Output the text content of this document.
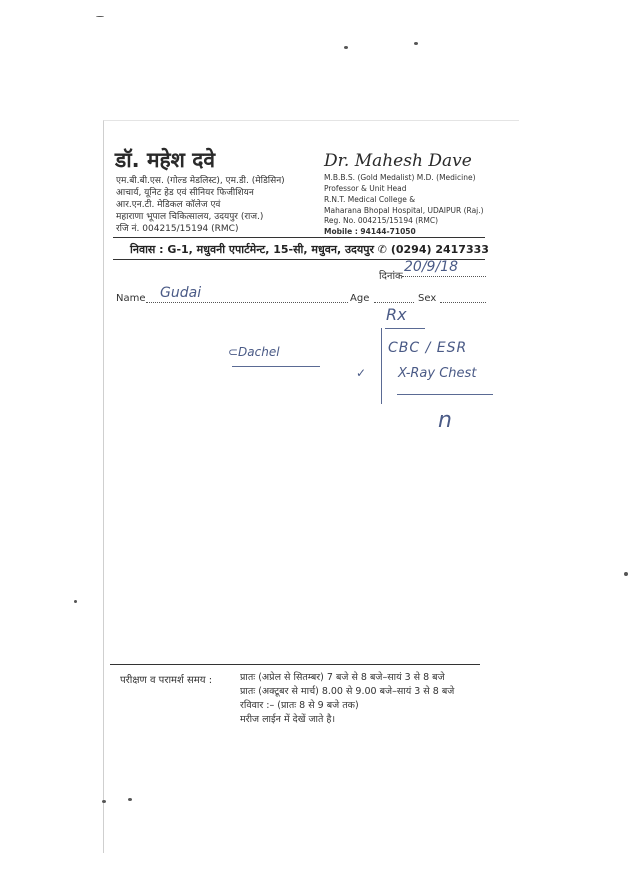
डॉ. महेश दवे
एम.बी.बी.एस. (गोल्ड मेडलिस्ट), एम.डी. (मेडिसिन)
आचार्य, यूनिट हेड एवं सीनियर फिजीशियन
आर.एन.टी. मेडिकल कॉलेज एवं
महाराणा भूपाल चिकित्सालय, उदयपुर (राज.)
रजि नं. 004215/15194 (RMC)
Dr. Mahesh Dave
M.B.B.S. (Gold Medalist) M.D. (Medicine)
Professor & Unit Head
R.N.T. Medical College &
Maharana Bhopal Hospital, UDAIPUR (Raj.)
Reg. No. 004215/15194 (RMC)
Mobile : 94144-71050
निवास : G-1, मधुवनी एपार्टमेन्ट, 15-सी, मधुवन, उदयपुर ✆ (0294) 2417333
दिनांक
20/9/18
Name Gudai	Age	Sex
Rx
⊂Dachel
✓
CBC / ESR
X-Ray Chest
n
परीक्षण व परामर्श समय :	प्रातः (अप्रेल से सितम्बर) 7 बजे से 8 बजे–सायं 3 से 8 बजे
प्रातः (अक्टूबर से मार्च) 8.00 से 9.00 बजे–सायं 3 से 8 बजे
रविवार :– (प्रातः 8 से 9 बजे तक)
मरीज लाईन में देखें जाते है।
